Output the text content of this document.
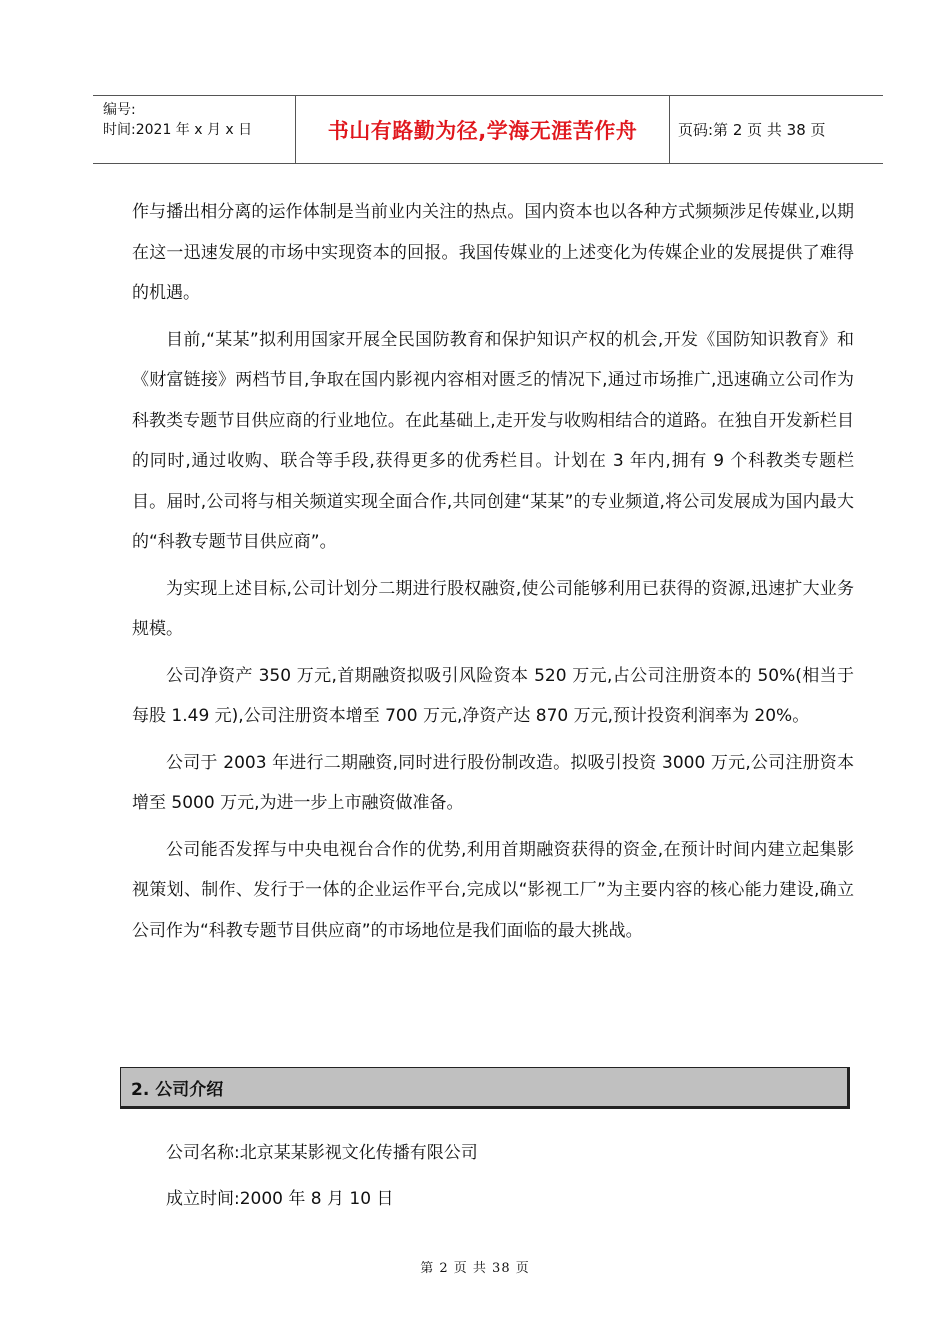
编号:
时间:2021 年 x 月 x 日	书山有路勤为径,学海无涯苦作舟	页码:第 2 页 共 38 页

作与播出相分离的运作体制是当前业内关注的热点。国内资本也以各种方式频频涉足传媒业,以期在这一迅速发展的市场中实现资本的回报。我国传媒业的上述变化为传媒企业的发展提供了难得的机遇。

目前,“某某”拟利用国家开展全民国防教育和保护知识产权的机会,开发《国防知识教育》和《财富链接》两档节目,争取在国内影视内容相对匮乏的情况下,通过市场推广,迅速确立公司作为科教类专题节目供应商的行业地位。在此基础上,走开发与收购相结合的道路。在独自开发新栏目的同时,通过收购、联合等手段,获得更多的优秀栏目。计划在 3 年内,拥有 9 个科教类专题栏目。届时,公司将与相关频道实现全面合作,共同创建“某某”的专业频道,将公司发展成为国内最大的“科教专题节目供应商”。

为实现上述目标,公司计划分二期进行股权融资,使公司能够利用已获得的资源,迅速扩大业务规模。

公司净资产 350 万元,首期融资拟吸引风险资本 520 万元,占公司注册资本的 50%(相当于每股 1.49 元),公司注册资本增至 700 万元,净资产达 870 万元,预计投资利润率为 20%。

公司于 2003 年进行二期融资,同时进行股份制改造。拟吸引投资 3000 万元,公司注册资本增至 5000 万元,为进一步上市融资做准备。

公司能否发挥与中央电视台合作的优势,利用首期融资获得的资金,在预计时间内建立起集影视策划、制作、发行于一体的企业运作平台,完成以“影视工厂”为主要内容的核心能力建设,确立公司作为“科教专题节目供应商”的市场地位是我们面临的最大挑战。

2. 公司介绍
公司名称:北京某某影视文化传播有限公司
成立时间:2000 年 8 月 10 日
第 2 页 共 38 页
